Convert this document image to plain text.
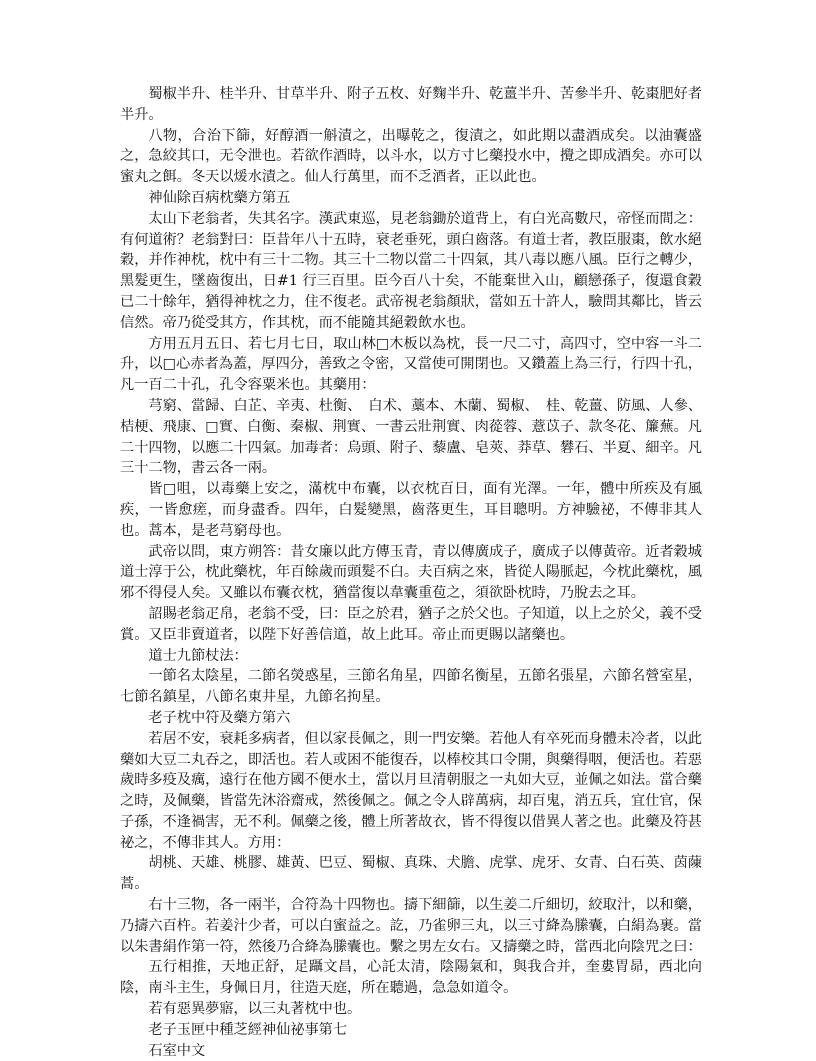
蜀椒半升、桂半升、甘草半升、附子五枚、好麴半升、乾薑半升、苦參半升、乾棗肥好者半升。

八物，合治下篩，好醇酒一斛漬之，出曝乾之，復漬之，如此期以盡酒成矣。以油囊盛之，急絞其口，无令泄也。若欲作酒時，以斗水，以方寸匕藥投水中，攪之即成酒矣。亦可以蜜丸之餌。冬天以煖水漬之。仙人行萬里，而不乏酒者，正以此也。

神仙除百病枕藥方第五

太山下老翁者，失其名字。漢武東巡，見老翁鋤於道背上，有白光高數尺，帝怪而間之：有何道術？老翁對曰：臣昔年八十五時，衰老垂死，頭白齒落。有道士者，教臣服棗，飲水絕穀，并作神枕，枕中有三十二物。其三十二物以當二十四氣，其八毒以應八風。臣行之轉少，黑髮更生，墜齒復出，日#1 行三百里。臣今百八十矣，不能棄世入山，顧戀孫子，復還食穀已二十餘年，猶得神枕之力，住不復老。武帝視老翁顏狀，當如五十許人，驗問其鄰比，皆云信然。帝乃從受其方，作其枕，而不能隨其絕穀飲水也。

方用五月五日、若七月七日，取山林□木板以為枕，長一尺二寸，高四寸，空中容一斗二升，以□心赤者為蓋，厚四分，善致之令密，又當使可開閉也。又鑽蓋上為三行，行四十孔，凡一百二十孔，孔令容粟米也。其藥用：

芎窮、當歸、白芷、辛夷、杜衡、　白术、藁本、木蘭、蜀椒、　桂、乾薑、防風、人參、桔梗、飛康、□實、白衡、秦椒、荆實、一書云壯荆實、肉蓯蓉、薏苡子、款冬花、簾蕪。凡二十四物，以應二十四氣。加毒者：烏頭、附子、藜盧、皂莢、莽草、礬石、半夏、細辛。凡三十二物，書云各一兩。

皆□咀，以毒藥上安之，滿枕中布囊，以衣枕百日，面有光澤。一年，體中所疾及有風疾，一皆愈瘥，而身盡香。四年，白髮變黑，齒落更生，耳目聰明。方神驗祕，不傳非其人也。蒿本，是老芎窮母也。

武帝以問，東方朔答：昔女廉以此方傳玉青，青以傳廣成子，廣成子以傳黃帝。近者穀城道士淳于公，枕此藥枕，年百餘歲而頭髮不白。夫百病之來，皆從人陽脈起，今枕此藥枕，風邪不得侵人矣。又雖以布囊衣枕，猶當復以韋囊重苞之，須欲卧枕時，乃脫去之耳。

詔賜老翁疋帛，老翁不受，曰：臣之於君，猶子之於父也。子知道，以上之於父，義不受賞。又臣非賣道者，以陛下好善信道，故上此耳。帝止而更賜以諸藥也。

道士九節杖法：

一節名太陰星，二節名熒惑星，三節名角星，四節名衡星，五節名張星，六節名營室星，七節名鎮星，八節名東井星，九節名拘星。

老子枕中符及藥方第六

若居不安，衰耗多病者，但以家長佩之，則一門安樂。若他人有卒死而身體未冷者，以此藥如大豆二丸吞之，即活也。若人或困不能復吞，以棒校其口令開，與藥得咽，便活也。若惡歲時多疫及癘，遠行在他方國不便水土，當以月旦清朝服之一丸如大豆，並佩之如法。當合藥之時，及佩藥，皆當先沐浴齋戒，然後佩之。佩之令人辟萬病，却百鬼，消五兵，宜仕官，保子孫，不逢禍害，无不利。佩藥之後，體上所著故衣，皆不得復以借異人著之也。此藥及符甚祕之，不傳非其人。方用：

胡桃、天雄、桃膠、雄黃、巴豆、蜀椒、真珠、犬膽、虎掌、虎牙、女青、白石英、茵蔯蒿。

右十三物，各一兩半，合符為十四物也。擣下細篩，以生姜二斤細切，絞取汁，以和藥，乃擣六百杵。若姜汁少者，可以白蜜益之。訖，乃雀卵三丸，以三寸絳為縢囊，白絹為裹。當以朱書絹作第一符，然後乃合絳為縢囊也。繫之男左女右。又擣藥之時，當西北向陰咒之曰：

五行相推，天地正舒，足躡文昌，心託太清，陰陽氣和，與我合并，奎婁胃昴，西北向陰，南斗主生，身佩日月，往造天庭，所在聽過，急急如道令。

若有惡異夢寤，以三丸著枕中也。

老子玉匣中種芝經神仙祕事第七

石室中文
